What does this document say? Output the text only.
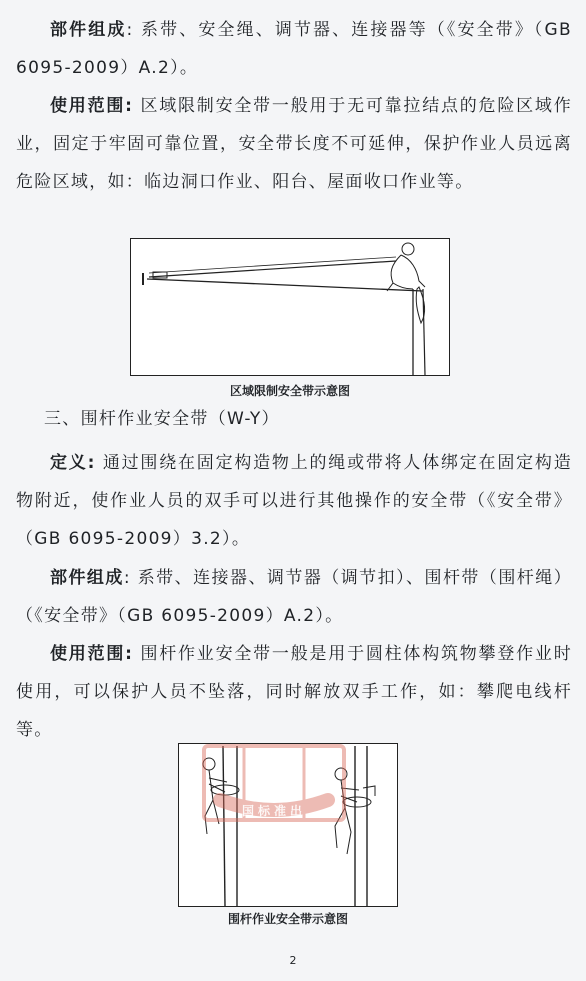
部件组成: 系带、安全绳、调节器、连接器等（《安全带》（GB 6095-2009）A.2）。

使用范围: 区域限制安全带一般用于无可靠拉结点的危险区域作业，固定于牢固可靠位置，安全带长度不可延伸，保护作业人员远离危险区域，如：临边洞口作业、阳台、屋面收口作业等。

区域限制安全带示意图
三、围杆作业安全带（W-Y）

定义: 通过围绕在固定构造物上的绳或带将人体绑定在固定构造物附近，使作业人员的双手可以进行其他操作的安全带（《安全带》（GB 6095-2009）3.2）。

部件组成: 系带、连接器、调节器（调节扣）、围杆带（围杆绳）（《安全带》（GB 6095-2009）A.2）。

使用范围: 围杆作业安全带一般是用于圆柱体构筑物攀登作业时使用，可以保护人员不坠落，同时解放双手工作，如：攀爬电线杆等。

国标准出
围杆作业安全带示意图
2
